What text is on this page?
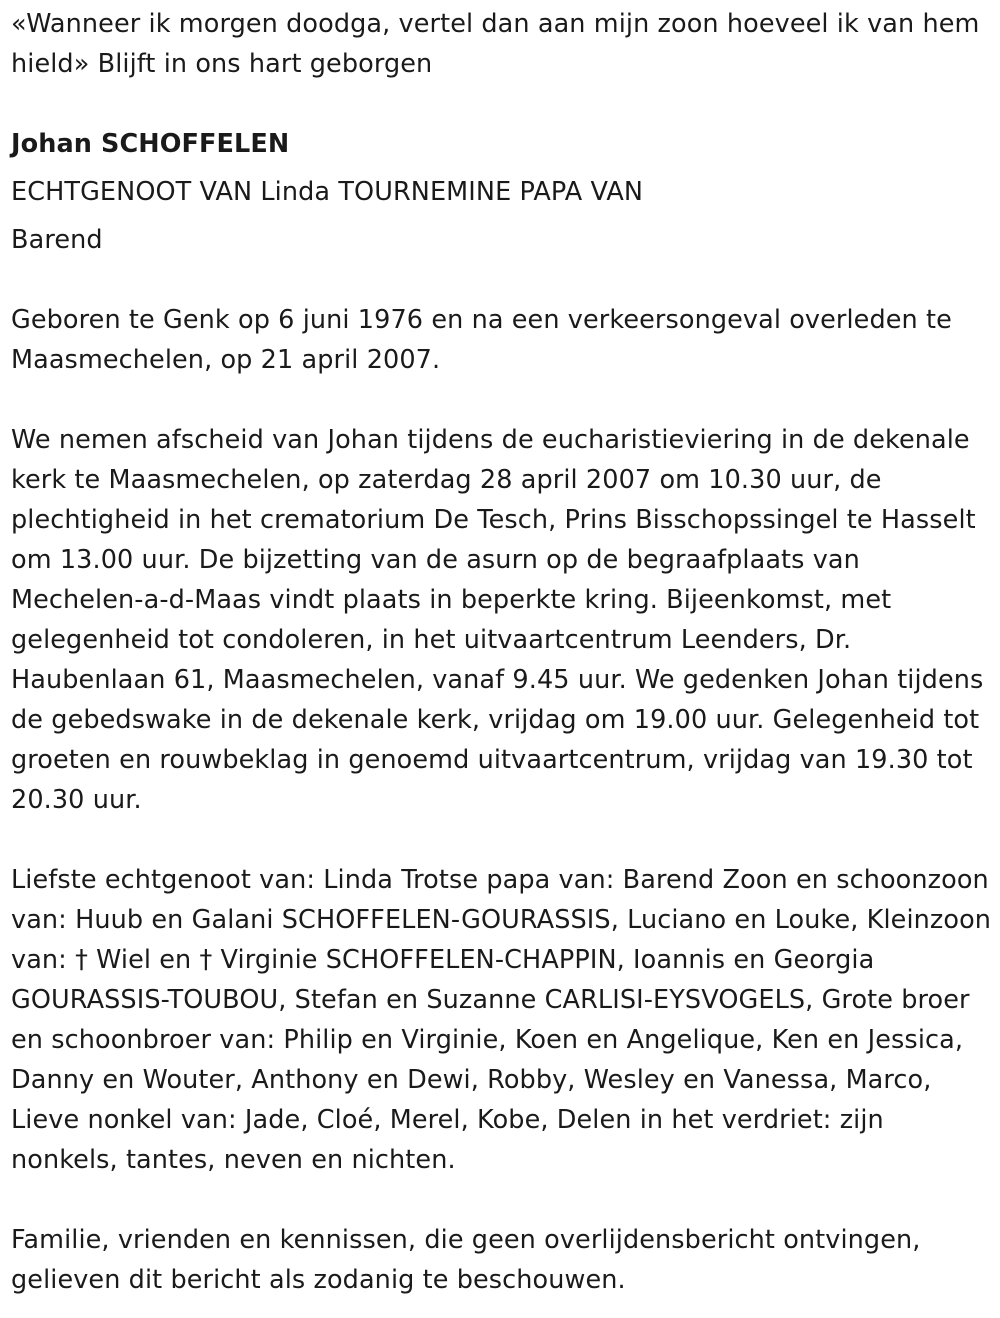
«Wanneer ik morgen doodga, vertel dan aan mijn zoon hoeveel ik van hem hield» Blijft in ons hart geborgen

Johan SCHOFFELEN

ECHTGENOOT VAN Linda TOURNEMINE PAPA VAN

Barend

Geboren te Genk op 6 juni 1976 en na een verkeersongeval overleden te Maasmechelen, op 21 april 2007.

We nemen afscheid van Johan tijdens de eucharistieviering in de dekenale kerk te Maasmechelen, op zaterdag 28 april 2007 om 10.30 uur, de plechtigheid in het crematorium De Tesch, Prins Bisschopssingel te Hasselt om 13.00 uur. De bijzetting van de asurn op de begraafplaats van Mechelen-a-d-Maas vindt plaats in beperkte kring. Bijeenkomst, met gelegenheid tot condoleren, in het uitvaartcentrum Leenders, Dr. Haubenlaan 61, Maasmechelen, vanaf 9.45 uur. We gedenken Johan tijdens de gebedswake in de dekenale kerk, vrijdag om 19.00 uur. Gelegenheid tot groeten en rouwbeklag in genoemd uitvaartcentrum, vrijdag van 19.30 tot 20.30 uur.

Liefste echtgenoot van: Linda Trotse papa van: Barend Zoon en schoonzoon van: Huub en Galani SCHOFFELEN-GOURASSIS, Luciano en Louke, Kleinzoon van: † Wiel en † Virginie SCHOFFELEN-CHAPPIN, Ioannis en Georgia GOURASSIS-TOUBOU, Stefan en Suzanne CARLISI-EYSVOGELS, Grote broer en schoonbroer van: Philip en Virginie, Koen en Angelique, Ken en Jessica, Danny en Wouter, Anthony en Dewi, Robby, Wesley en Vanessa, Marco, Lieve nonkel van: Jade, Cloé, Merel, Kobe, Delen in het verdriet: zijn nonkels, tantes, neven en nichten.

Familie, vrienden en kennissen, die geen overlijdensbericht ontvingen, gelieven dit bericht als zodanig te beschouwen.
